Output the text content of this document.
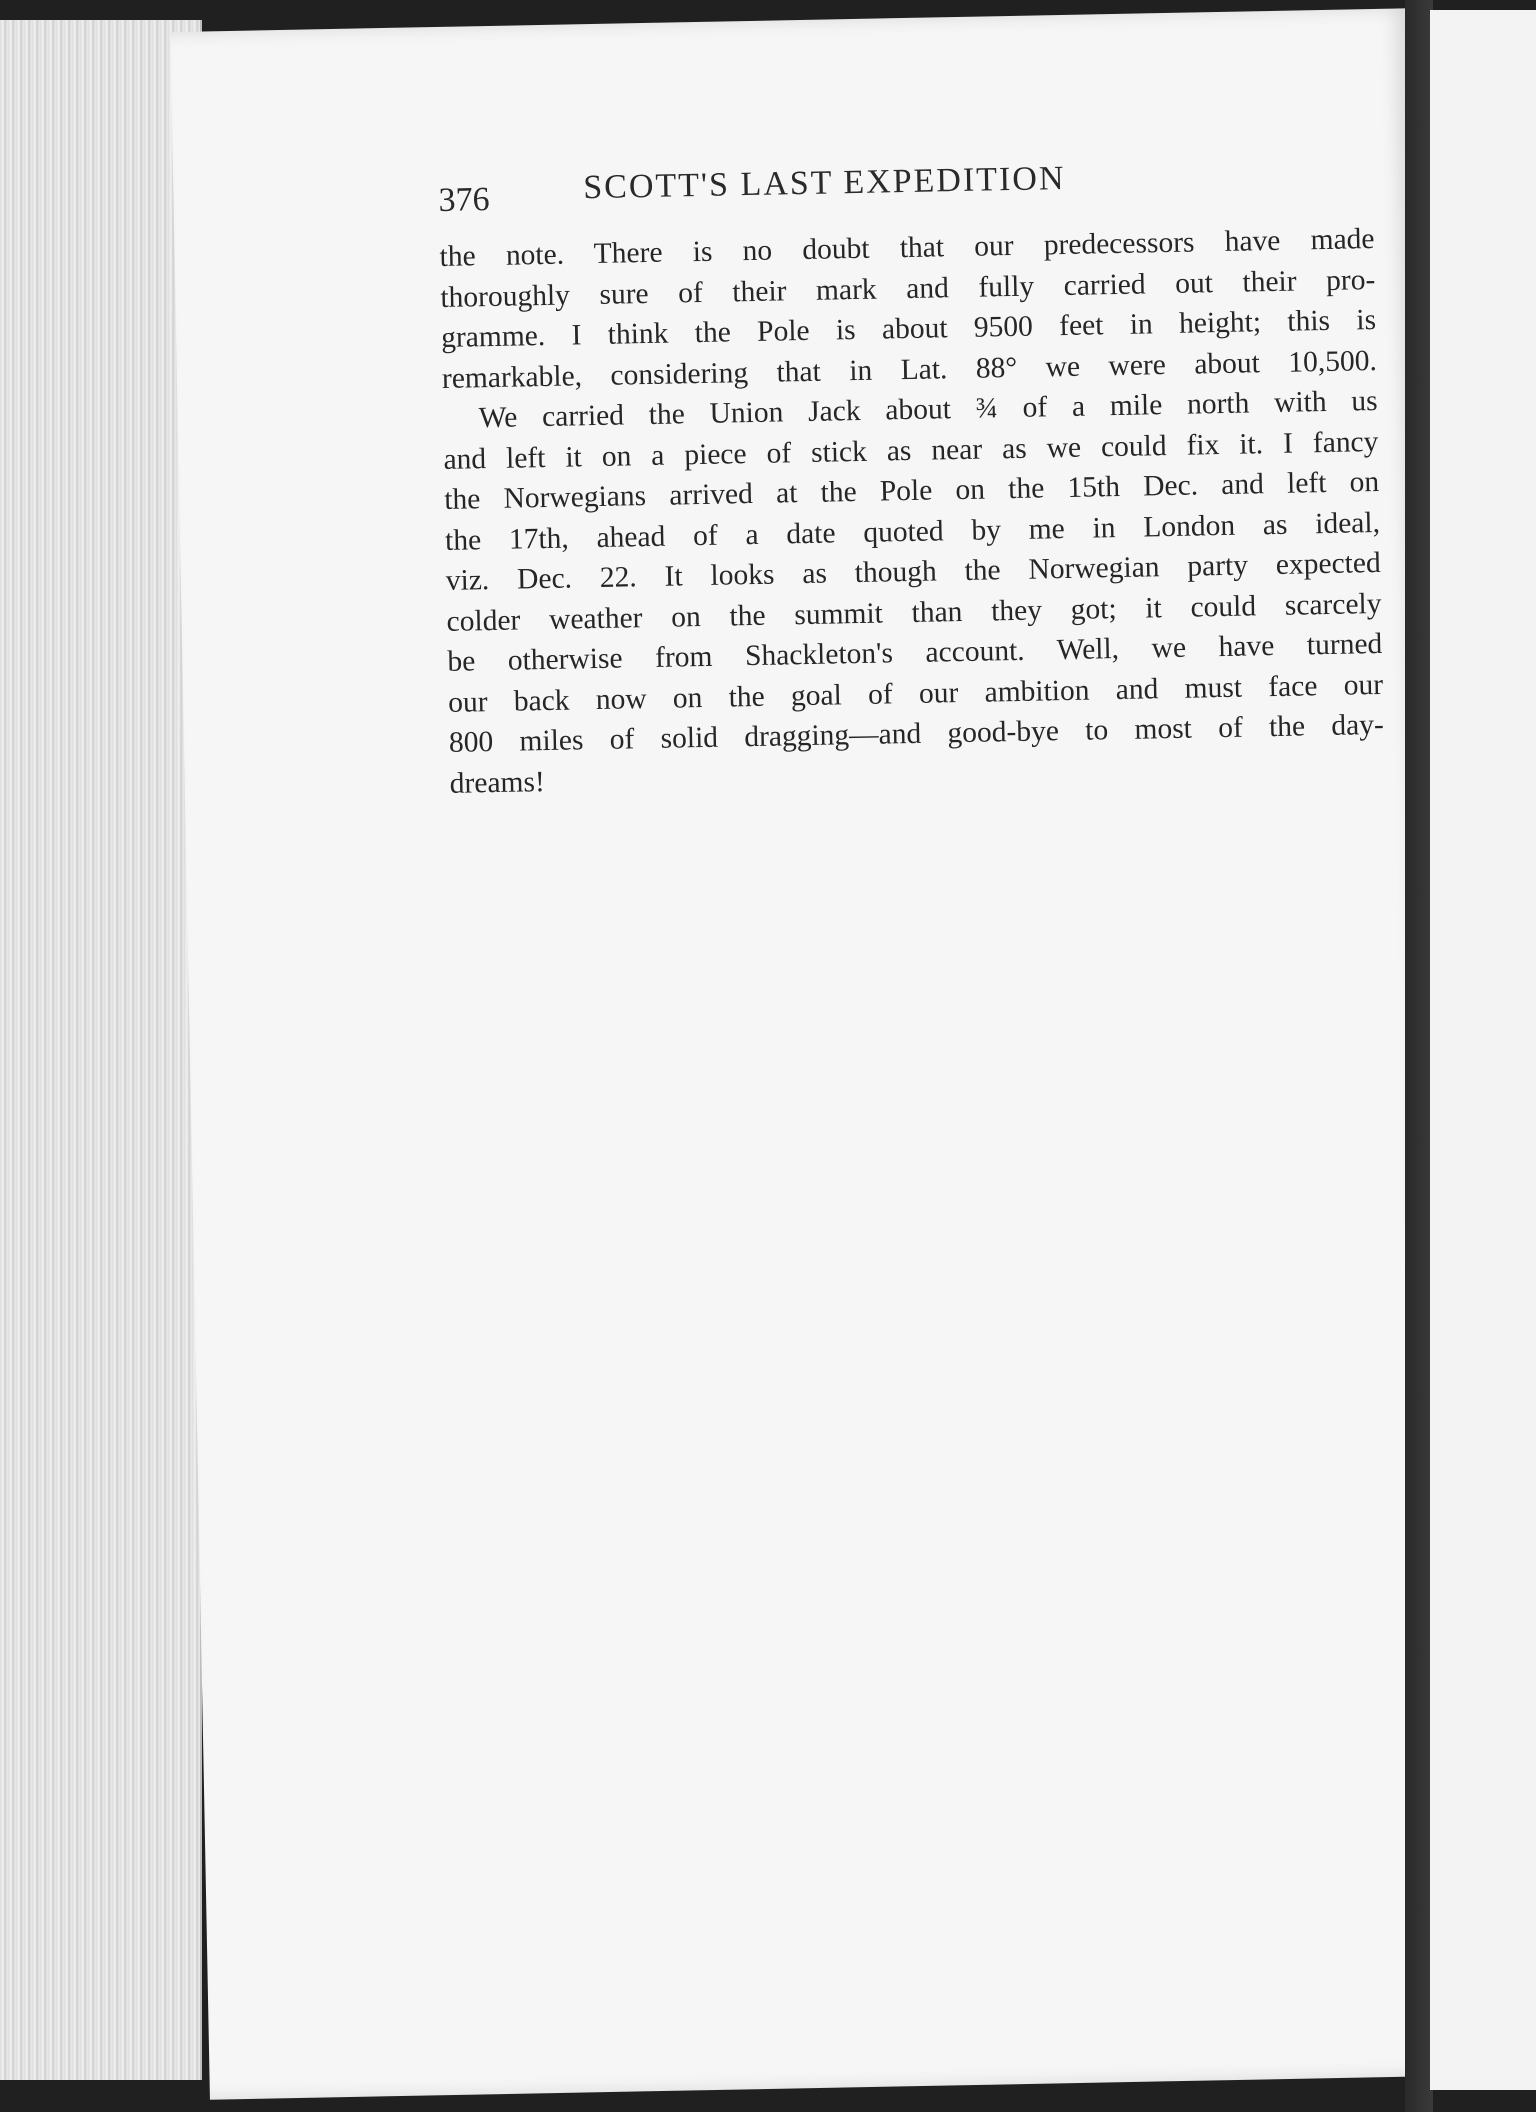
376	SCOTT'S LAST EXPEDITION
the note. There is no doubt that our predecessors have made
thoroughly sure of their mark and fully carried out their pro-
gramme. I think the Pole is about 9500 feet in height; this is
remarkable, considering that in Lat. 88° we were about 10,500.
We carried the Union Jack about ¾ of a mile north with us
and left it on a piece of stick as near as we could fix it. I fancy
the Norwegians arrived at the Pole on the 15th Dec. and left on
the 17th, ahead of a date quoted by me in London as ideal,
viz. Dec. 22. It looks as though the Norwegian party expected
colder weather on the summit than they got; it could scarcely
be otherwise from Shackleton's account. Well, we have turned
our back now on the goal of our ambition and must face our
800 miles of solid dragging—and good-bye to most of the day-
dreams!
